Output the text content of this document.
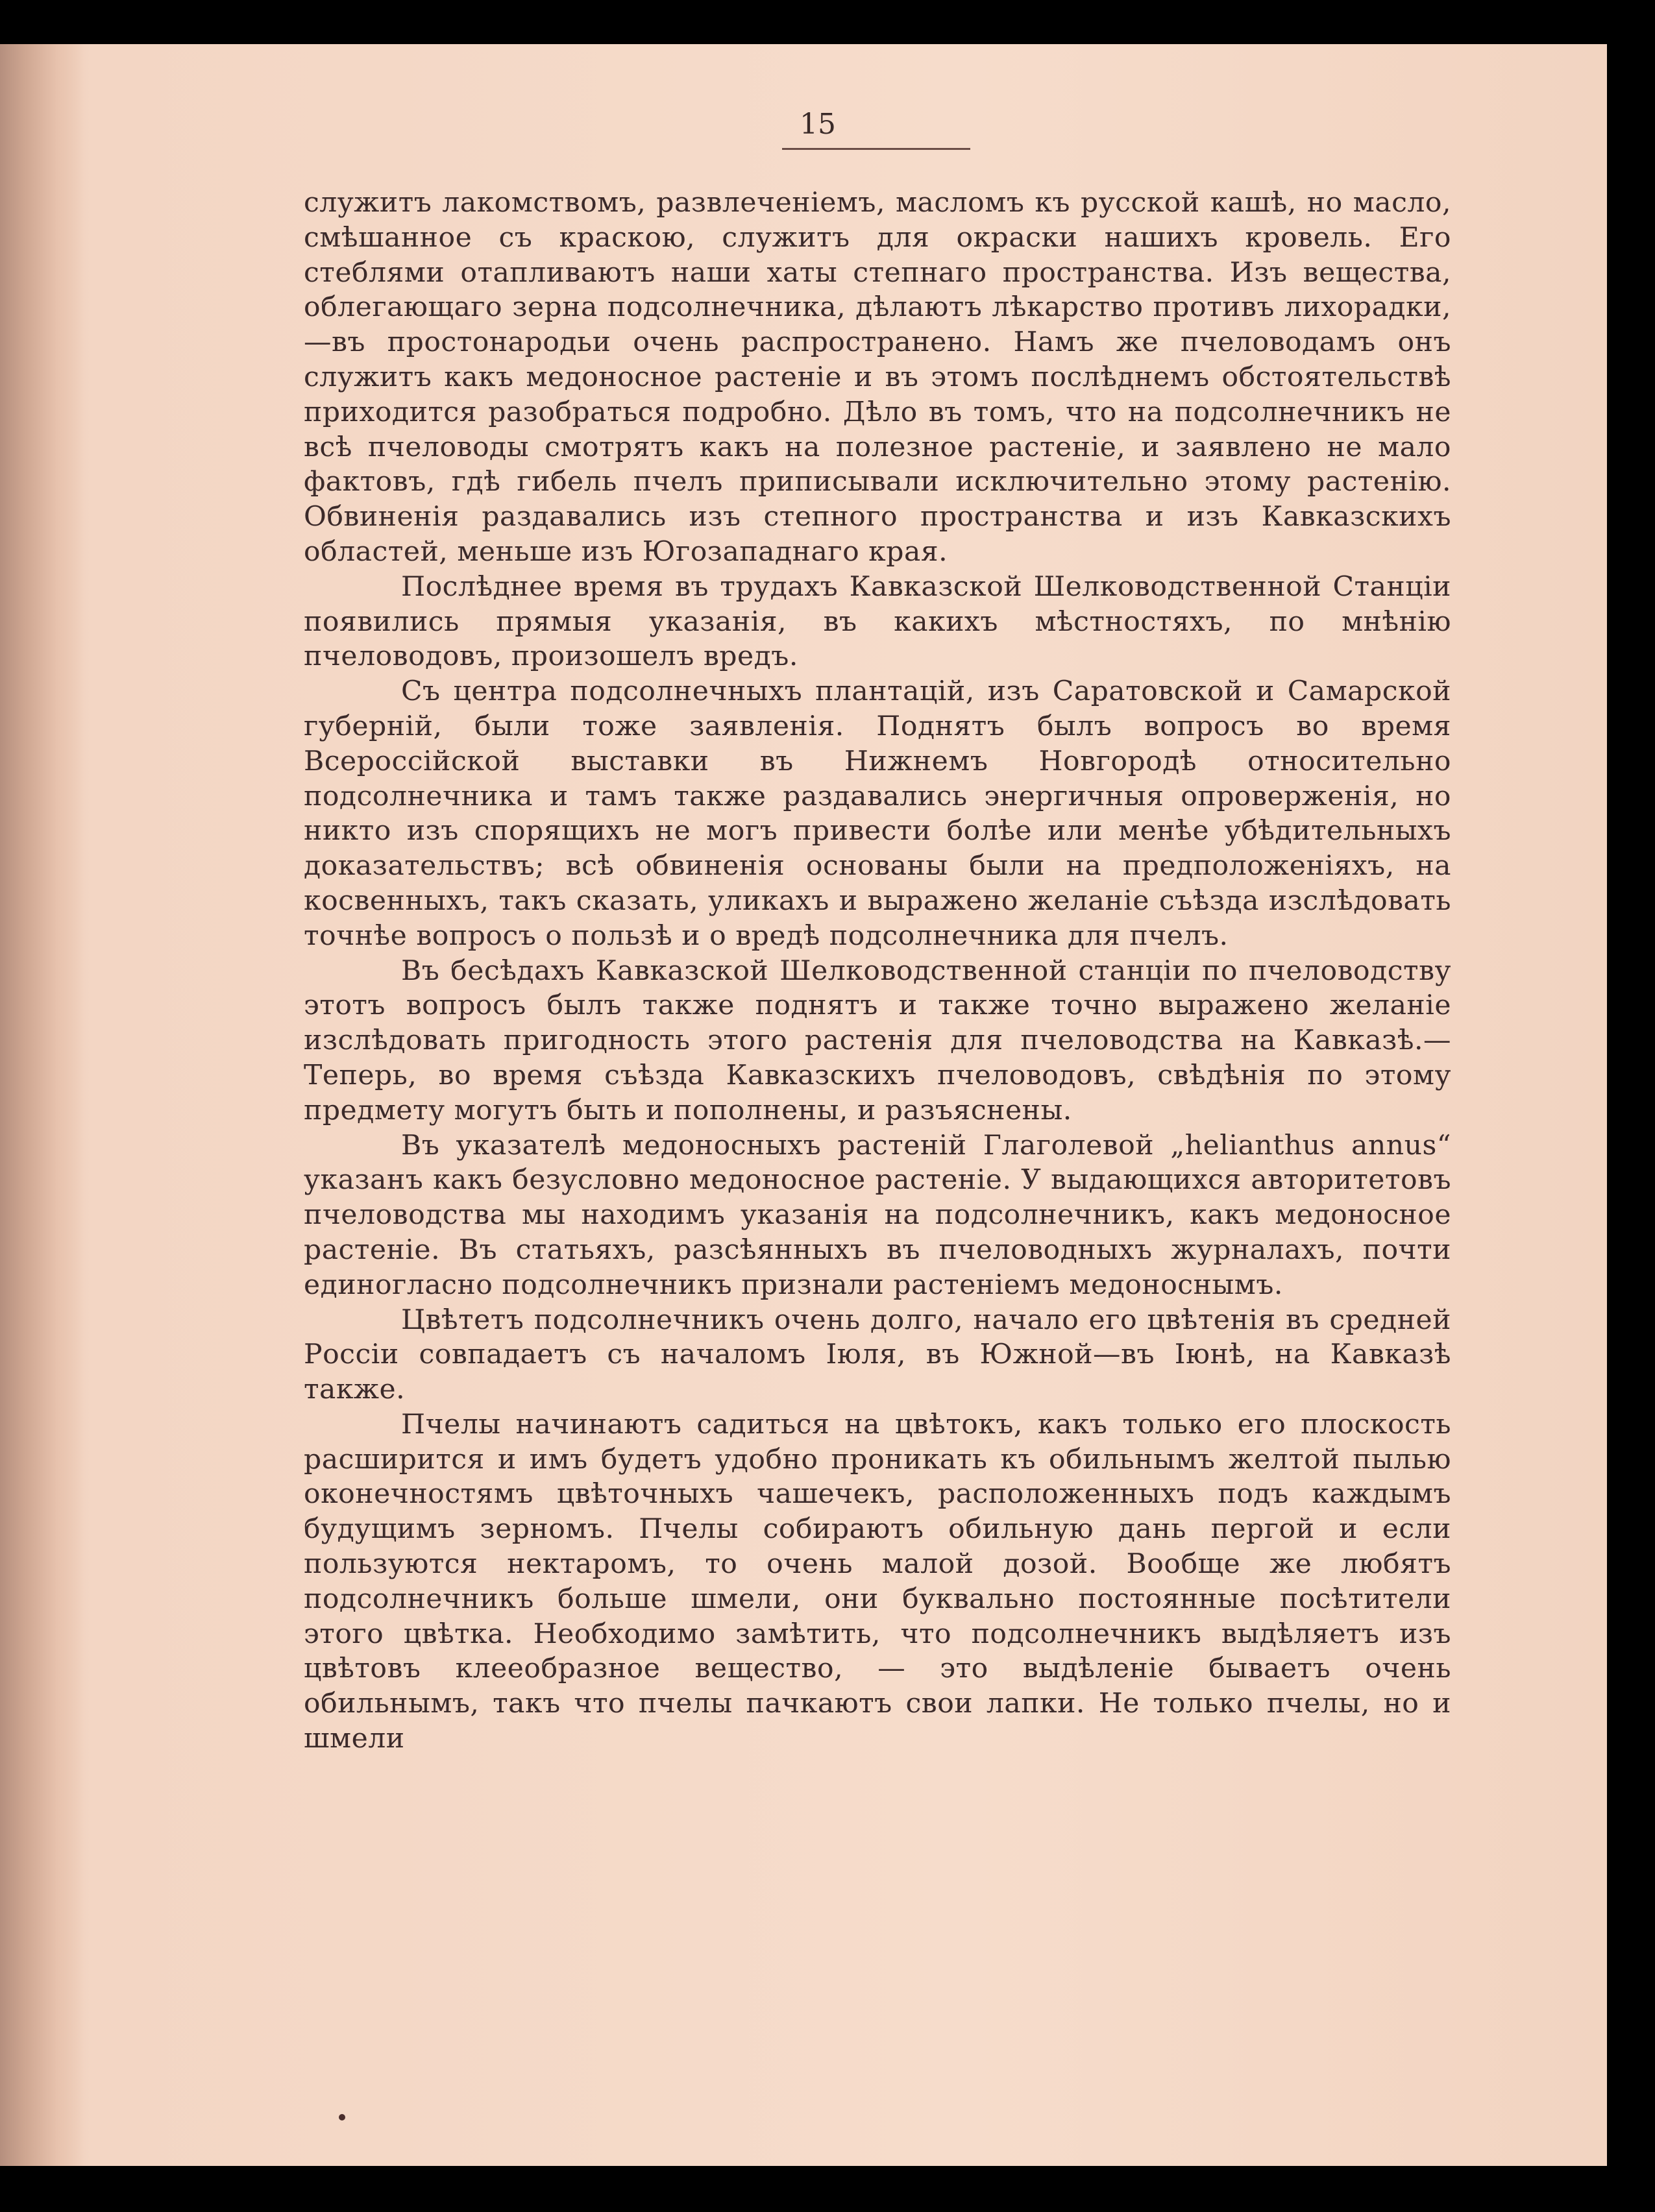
15

служитъ лакомствомъ, развлеченіемъ, масломъ къ русской кашѣ, но масло, смѣшанное съ краскою, служитъ для окраски нашихъ кровель. Его стеблями отапливаютъ наши хаты степнаго пространства. Изъ вещества, облегающаго зерна подсолнечника, дѣлаютъ лѣкарство противъ лихорадки,—въ простонародьи очень распространено. Намъ же пчеловодамъ онъ служитъ какъ медоносное растеніе и въ этомъ послѣднемъ обстоятельствѣ приходится разобраться подробно. Дѣло въ томъ, что на подсолнечникъ не всѣ пчеловоды смотрятъ какъ на полезное растеніе, и заявлено не мало фактовъ, гдѣ гибель пчелъ приписывали исключительно этому растенію. Обвиненія раздавались изъ степного пространства и изъ Кавказскихъ областей, меньше изъ Югозападнаго края.

Послѣднее время въ трудахъ Кавказской Шелководственной Станціи появились прямыя указанія, въ какихъ мѣстностяхъ, по мнѣнію пчеловодовъ, произошелъ вредъ.

Съ центра подсолнечныхъ плантацій, изъ Саратовской и Самарской губерній, были тоже заявленія. Поднятъ былъ вопросъ во время Всероссійской выставки въ Нижнемъ Новгородѣ относительно подсолнечника и тамъ также раздавались энергичныя опроверженія, но никто изъ спорящихъ не могъ привести болѣе или менѣе убѣдительныхъ доказательствъ; всѣ обвиненія основаны были на предположеніяхъ, на косвенныхъ, такъ сказать, уликахъ и выражено желаніе съѣзда изслѣдовать точнѣе вопросъ о пользѣ и о вредѣ подсолнечника для пчелъ.

Въ бесѣдахъ Кавказской Шелководственной станціи по пчеловодству этотъ вопросъ былъ также поднятъ и также точно выражено желаніе изслѣдовать пригодность этого растенія для пчеловодства на Кавказѣ.—Теперь, во время съѣзда Кавказскихъ пчеловодовъ, свѣдѣнія по этому предмету могутъ быть и пополнены, и разъяснены.

Въ указателѣ медоносныхъ растеній Глаголевой „helianthus annus“ указанъ какъ безусловно медоносное растеніе. У выдающихся авторитетовъ пчеловодства мы находимъ указанія на подсолнечникъ, какъ медоносное растеніе. Въ статьяхъ, разсѣянныхъ въ пчеловодныхъ журналахъ, почти единогласно подсолнечникъ признали растеніемъ медоноснымъ.

Цвѣтетъ подсолнечникъ очень долго, начало его цвѣтенія въ средней Россіи совпадаетъ съ началомъ Іюля, въ Южной—въ Іюнѣ, на Кавказѣ также.

Пчелы начинаютъ садиться на цвѣтокъ, какъ только его плоскость расширится и имъ будетъ удобно проникать къ обильнымъ желтой пылью оконечностямъ цвѣточныхъ чашечекъ, расположенныхъ подъ каждымъ будущимъ зерномъ. Пчелы собираютъ обильную дань пергой и если пользуются нектаромъ, то очень малой дозой. Вообще же любятъ подсолнечникъ больше шмели, они буквально постоянные посѣтители этого цвѣтка. Необходимо замѣтить, что подсолнечникъ выдѣляетъ изъ цвѣтовъ клееобразное вещество, — это выдѣленіе бываетъ очень обильнымъ, такъ что пчелы пачкаютъ свои лапки. Не только пчелы, но и шмели
